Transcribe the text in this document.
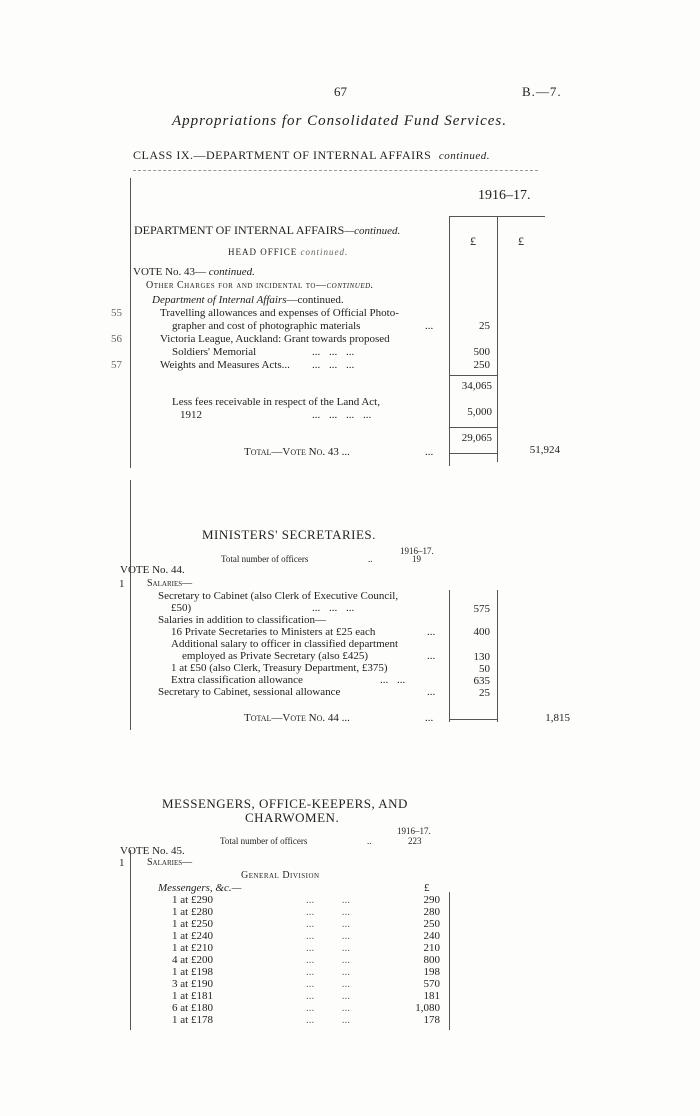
67	B.—7.
Appropriations for Consolidated Fund Services.
CLASS IX.—DEPARTMENT OF INTERNAL AFFAIRS continued.
1916–17.
DEPARTMENT OF INTERNAL AFFAIRS—continued.
£	£
HEAD OFFICE continued.
VOTE No. 43— continued.
Other Charges for and incidental to—continued.
Department of Internal Affairs—continued.
55	Travelling allowances and expenses of Official Photo-
grapher and cost of photographic materials	...	25
56	Victoria League, Auckland: Grant towards proposed
Soldiers' Memorial	... ... ...	500
57	Weights and Measures Acts... ... ... ...	250
34,065
Less fees receivable in respect of the Land Act,
1912	... ... ... ...	5,000
29,065
Total—Vote No. 43 ...	...	51,924
MINISTERS' SECRETARIES.
1916–17.
Total number of officers	..	19
VOTE No. 44.
1 Salaries—
Secretary to Cabinet (also Clerk of Executive Council,
£50)	... ... ...	575
Salaries in addition to classification—
16 Private Secretaries to Ministers at £25 each	...	400
Additional salary to officer in classified department
employed as Private Secretary (also £425)	...	130
1 at £50 (also Clerk, Treasury Department, £375)	50
Extra classification allowance	... ...	635
Secretary to Cabinet, sessional allowance	...	25
Total—Vote No. 44 ...	...	1,815
MESSENGERS, OFFICE-KEEPERS, AND
CHARWOMEN.
1916–17.
Total number of officers	..	223
VOTE No. 45.
1 Salaries—
General Division
Messengers, &c.—	£
1 at £290	...          ...	290
1 at £280	...          ...	280
1 at £250	...          ...	250
1 at £240	...          ...	240
1 at £210	...          ...	210
4 at £200	...          ...	800
1 at £198	...          ...	198
3 at £190	...          ...	570
1 at £181	...          ...	181
6 at £180	...          ...	1,080
1 at £178	...          ...	178
